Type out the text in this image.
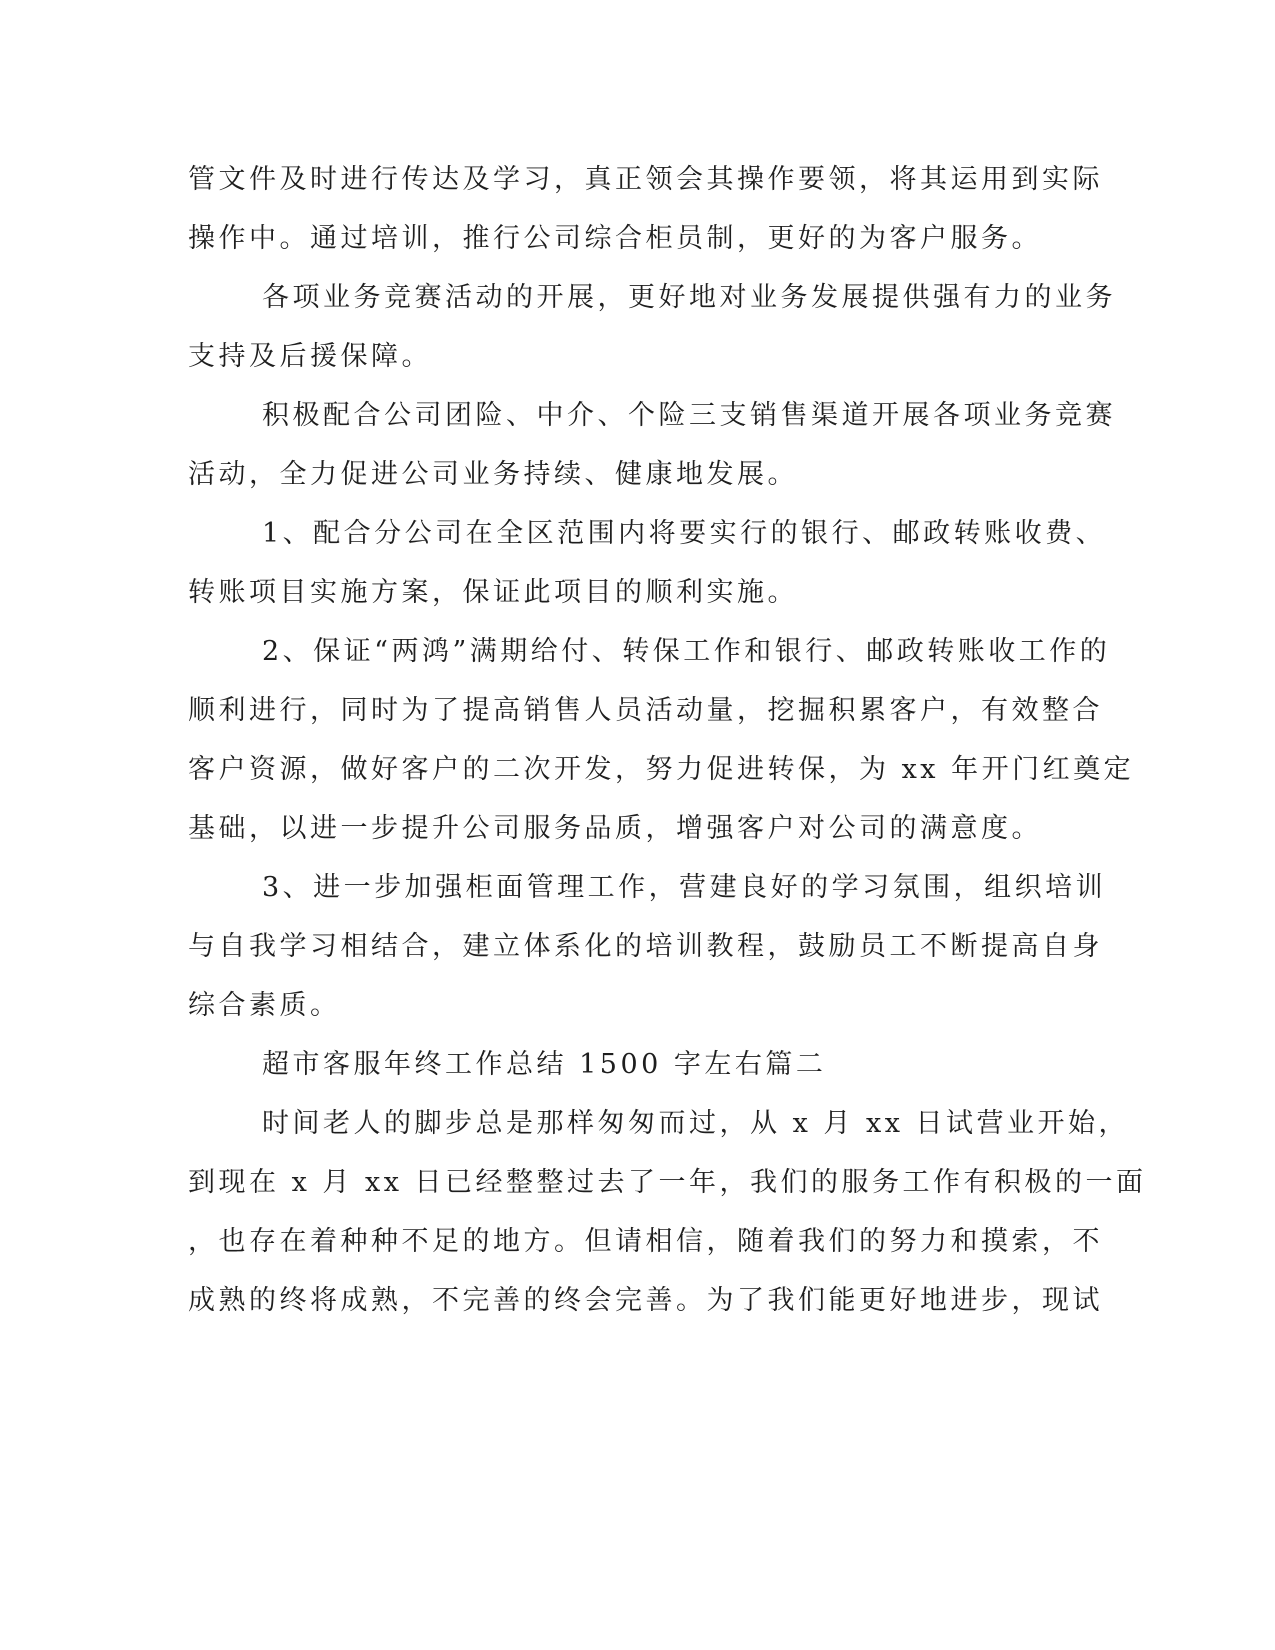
管文件及时进行传达及学习，真正领会其操作要领，将其运用到实际
操作中。通过培训，推行公司综合柜员制，更好的为客户服务。
各项业务竞赛活动的开展，更好地对业务发展提供强有力的业务
支持及后援保障。
积极配合公司团险、中介、个险三支销售渠道开展各项业务竞赛
活动，全力促进公司业务持续、健康地发展。
1、配合分公司在全区范围内将要实行的银行、邮政转账收费、
转账项目实施方案，保证此项目的顺利实施。
2、保证“两鸿”满期给付、转保工作和银行、邮政转账收工作的
顺利进行，同时为了提高销售人员活动量，挖掘积累客户，有效整合
客户资源，做好客户的二次开发，努力促进转保，为 xx 年开门红奠定
基础，以进一步提升公司服务品质，增强客户对公司的满意度。
3、进一步加强柜面管理工作，营建良好的学习氛围，组织培训
与自我学习相结合，建立体系化的培训教程，鼓励员工不断提高自身
综合素质。
超市客服年终工作总结 1500 字左右篇二
时间老人的脚步总是那样匆匆而过，从 x 月 xx 日试营业开始，
到现在 x 月 xx 日已经整整过去了一年，我们的服务工作有积极的一面
，也存在着种种不足的地方。但请相信，随着我们的努力和摸索，不
成熟的终将成熟，不完善的终会完善。为了我们能更好地进步，现试
